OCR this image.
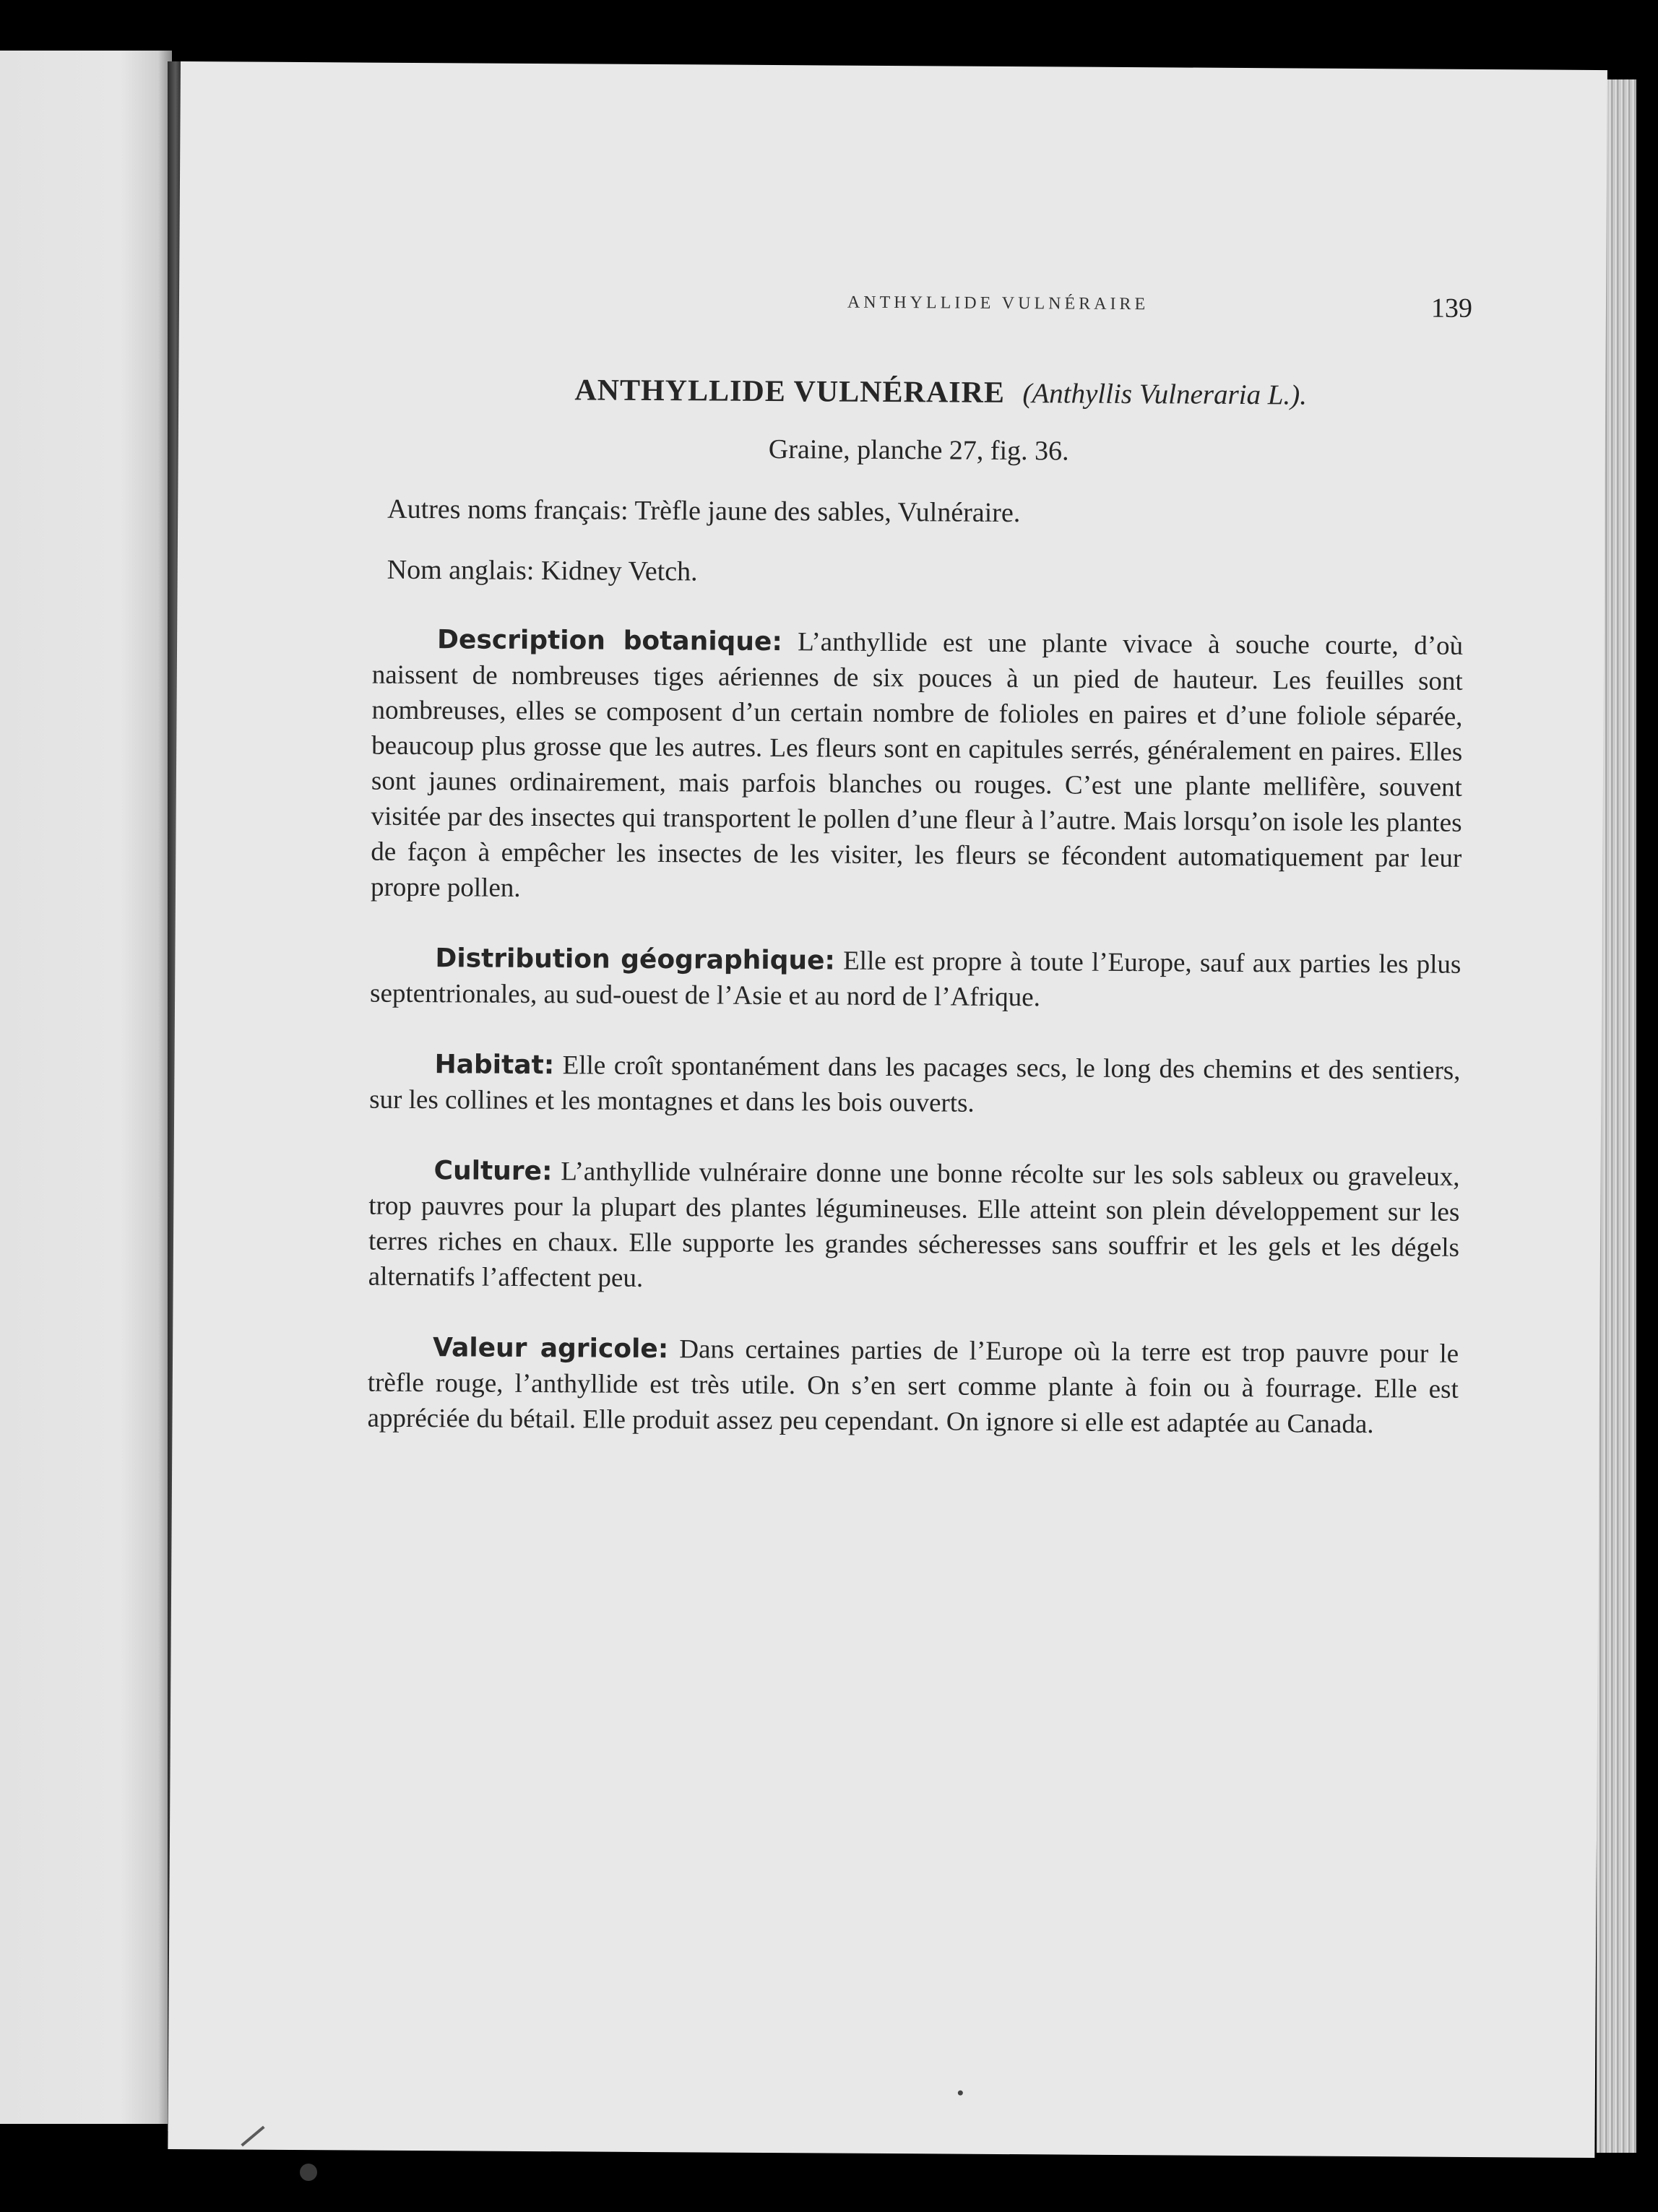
ANTHYLLIDE VULNÉRAIRE	139
ANTHYLLIDE VULNÉRAIRE (Anthyllis Vulneraria L.).
Graine, planche 27, fig. 36.
Autres noms français: Trèfle jaune des sables, Vulnéraire.
Nom anglais: Kidney Vetch.

Description botanique: L’anthyllide est une plante vivace à souche courte, d’où naissent de nombreuses tiges aériennes de six pouces à un pied de hauteur. Les feuilles sont nombreuses, elles se composent d’un certain nombre de folioles en paires et d’une foliole séparée, beaucoup plus grosse que les autres. Les fleurs sont en capitules serrés, généralement en paires. Elles sont jaunes ordinairement, mais parfois blanches ou rouges. C’est une plante mellifère, souvent visitée par des insectes qui transportent le pollen d’une fleur à l’autre. Mais lorsqu’on isole les plantes de façon à empêcher les insectes de les visiter, les fleurs se fécondent automatiquement par leur propre pollen.

Distribution géographique: Elle est propre à toute l’Europe, sauf aux parties les plus septentrionales, au sud-ouest de l’Asie et au nord de l’Afrique.

Habitat: Elle croît spontanément dans les pacages secs, le long des chemins et des sentiers, sur les collines et les montagnes et dans les bois ouverts.

Culture: L’anthyllide vulnéraire donne une bonne récolte sur les sols sableux ou graveleux, trop pauvres pour la plupart des plantes légumineuses. Elle atteint son plein développement sur les terres riches en chaux. Elle supporte les grandes sécheresses sans souffrir et les gels et les dégels alternatifs l’affectent peu.

Valeur agricole: Dans certaines parties de l’Europe où la terre est trop pauvre pour le trèfle rouge, l’anthyllide est très utile. On s’en sert comme plante à foin ou à fourrage. Elle est appréciée du bétail. Elle produit assez peu cependant. On ignore si elle est adaptée au Canada.
